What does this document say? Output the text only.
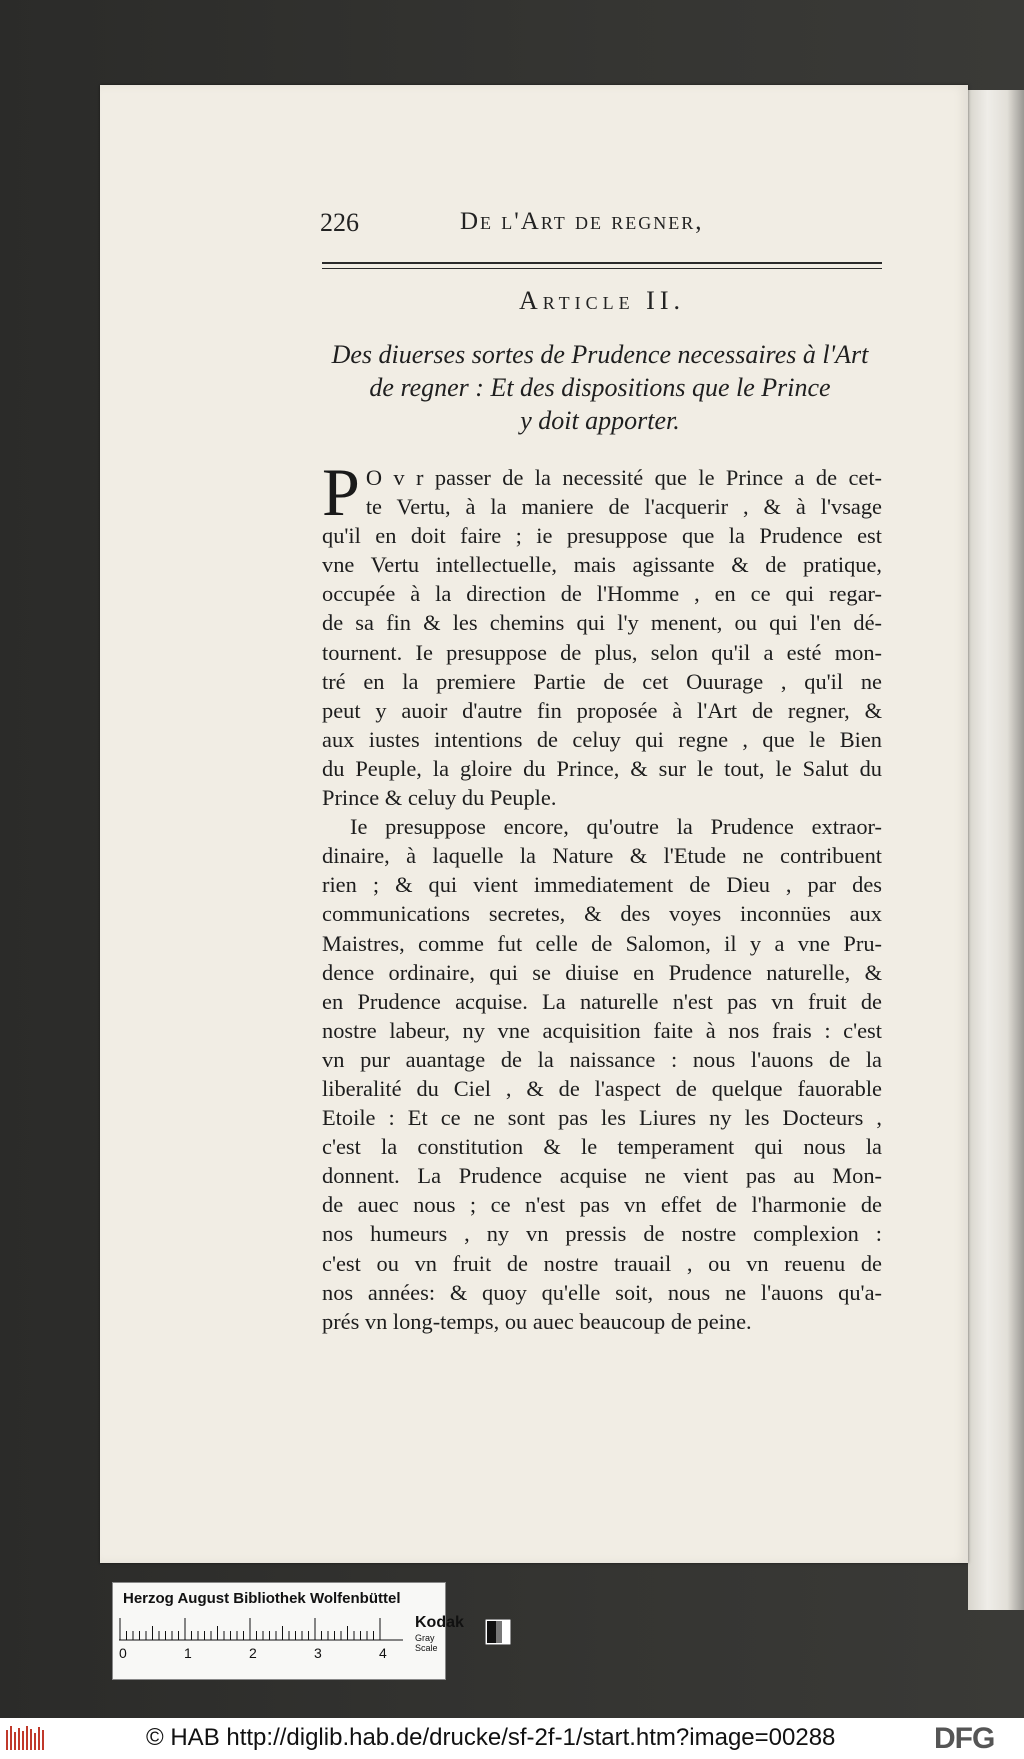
226	De l'Art de regner,
Article II.
Des diuerses sortes de Prudence necessaires à l'Art
de regner : Et des dispositions que le Prince
y doit apporter.

P O v r passer de la necessité que le Prince a de cet-
te Vertu, à la maniere de l'acquerir , & à l'vsage
qu'il en doit faire ; ie presuppose que la Prudence est
vne Vertu intellectuelle, mais agissante & de pratique,
occupée à la direction de l'Homme , en ce qui regar-
de sa fin & les chemins qui l'y menent, ou qui l'en dé-
tournent. Ie presuppose de plus, selon qu'il a esté mon-
tré en la premiere Partie de cet Ouurage , qu'il ne
peut y auoir d'autre fin proposée à l'Art de regner, &
aux iustes intentions de celuy qui regne , que le Bien
du Peuple, la gloire du Prince, & sur le tout, le Salut du
Prince & celuy du Peuple.

Ie presuppose encore, qu'outre la Prudence extraor-
dinaire, à laquelle la Nature & l'Etude ne contribuent
rien ; & qui vient immediatement de Dieu , par des
communications secretes, & des voyes inconnües aux
Maistres, comme fut celle de Salomon, il y a vne Pru-
dence ordinaire, qui se diuise en Prudence naturelle, &
en Prudence acquise. La naturelle n'est pas vn fruit de
nostre labeur, ny vne acquisition faite à nos frais : c'est
vn pur auantage de la naissance : nous l'auons de la
liberalité du Ciel , & de l'aspect de quelque fauorable
Etoile : Et ce ne sont pas les Liures ny les Docteurs ,
c'est la constitution & le temperament qui nous la
donnent. La Prudence acquise ne vient pas au Mon-
de auec nous ; ce n'est pas vn effet de l'harmonie de
nos humeurs , ny vn pressis de nostre complexion :
c'est ou vn fruit de nostre trauail , ou vn reuenu de
nos années: & quoy qu'elle soit, nous ne l'auons qu'a-
prés vn long-temps, ou auec beaucoup de peine.

Herzog August Bibliothek Wolfenbüttel
Kodak
Gray Scale
0	1	2	3	4
© HAB http://diglib.hab.de/drucke/sf-2f-1/start.htm?image=00288	DFG
